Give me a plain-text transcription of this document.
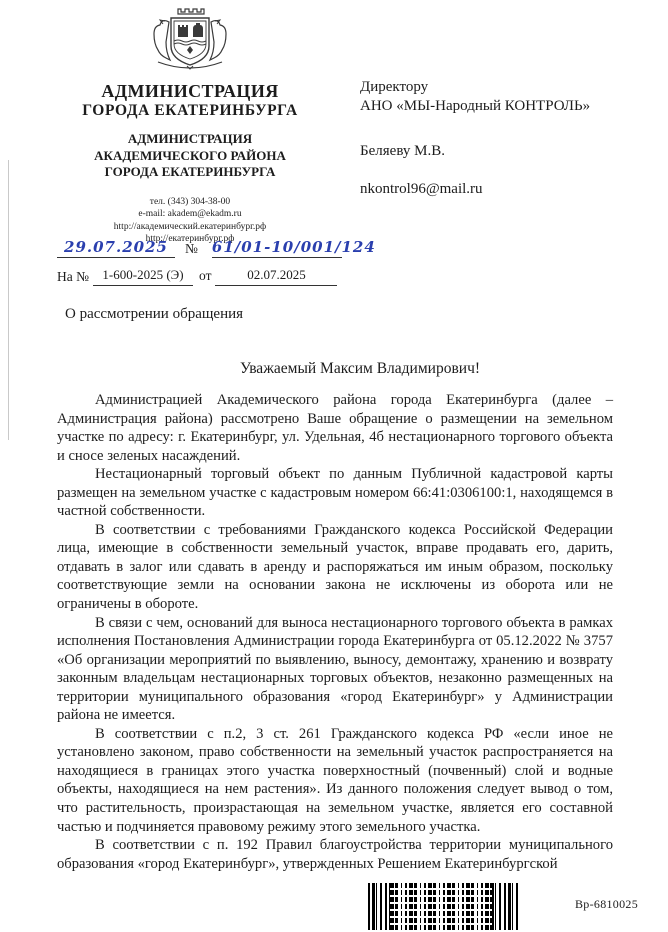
АДМИНИСТРАЦИЯ
ГОРОДА ЕКАТЕРИНБУРГА
АДМИНИСТРАЦИЯ
АКАДЕМИЧЕСКОГО РАЙОНА
ГОРОДА ЕКАТЕРИНБУРГА
тел. (343) 304-38-00
e-mail: akadem@ekadm.ru
http://академический.екатеринбург.рф
http://екатеринбург.рф

Директору

АНО «МЫ-Народный КОНТРОЛЬ»

Беляеву М.В.

nkontrol96@mail.ru

29.07.2025	№ 61/01-10/001/124
На №	1-600-2025 (Э)	от	02.07.2025
О рассмотрении обращения
Уважаемый Максим Владимирович!

Администрацией Академического района города Екатеринбурга (далее – Администрация района) рассмотрено Ваше обращение о размещении на земельном участке по адресу: г. Екатеринбург, ул. Удельная, 4б нестационарного торгового объекта и сносе зеленых насаждений.

Нестационарный торговый объект по данным Публичной кадастровой карты размещен на земельном участке с кадастровым номером 66:41:0306100:1, находящемся в частной собственности.

В соответствии с требованиями Гражданского кодекса Российской Федерации лица, имеющие в собственности земельный участок, вправе продавать его, дарить, отдавать в залог или сдавать в аренду и распоряжаться им иным образом, поскольку соответствующие земли на основании закона не исключены из оборота или не ограничены в обороте.

В связи с чем, оснований для выноса нестационарного торгового объекта в рамках исполнения Постановления Администрации города Екатеринбурга от 05.12.2022 № 3757 «Об организации мероприятий по выявлению, выносу, демонтажу, хранению и возврату законным владельцам нестационарных торговых объектов, незаконно размещенных на территории муниципального образования «город Екатеринбург» у Администрации района не имеется.

В соответствии с п.2, 3 ст. 261 Гражданского кодекса РФ «если иное не установлено законом, право собственности на земельный участок распространяется на находящиеся в границах этого участка поверхностный (почвенный) слой и водные объекты, находящиеся на нем растения». Из данного положения следует вывод о том, что растительность, произрастающая на земельном участке, является его составной частью и подчиняется правовому режиму этого земельного участка.

В соответствии с п. 192 Правил благоустройства территории муниципального образования «город Екатеринбург», утвержденных Решением Екатеринбургской

Вр-6810025
